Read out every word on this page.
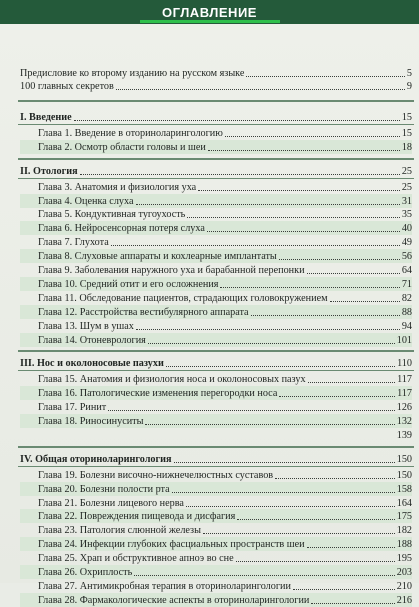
ОГЛАВЛЕНИЕ
Предисловие ко второму изданию на русском языке	5
100 главных секретов	9
I. Введение	15
Глава 1. Введение в оториноларингологию	15
Глава 2. Осмотр области головы и шеи	18
II. Отология	25
Глава 3. Анатомия и физиология уха	25
Глава 4. Оценка слуха	31
Глава 5. Кондуктивная тугоухость	35
Глава 6. Нейросенсорная потеря слуха	40
Глава 7. Глухота	49
Глава 8. Слуховые аппараты и кохлеарные имплантаты	56
Глава 9. Заболевания наружного уха и барабанной перепонки	64
Глава 10. Средний отит и его осложнения	71
Глава 11. Обследование пациентов, страдающих головокружением	82
Глава 12. Расстройства вестибулярного аппарата	88
Глава 13. Шум в ушах	94
Глава 14. Отоневрология	101
III. Нос и околоносовые пазухи	110
Глава 15. Анатомия и физиология носа и околоносовых пазух	117
Глава 16. Патологические изменения перегородки носа	117
Глава 17. Ринит	126
Глава 18. Риносинуситы	132
139
IV. Общая оториноларингология	150
Глава 19. Болезни височно-нижнечелюстных суставов	150
Глава 20. Болезни полости рта	158
Глава 21. Болезни лицевого нерва	164
Глава 22. Повреждения пищевода и дисфагия	175
Глава 23. Патология слюнной железы	182
Глава 24. Инфекции глубоких фасциальных пространств шеи	188
Глава 25. Храп и обструктивное апноэ во сне	195
Глава 26. Охриплость	203
Глава 27. Антимикробная терапия в оториноларингологии	210
Глава 28. Фармакологические аспекты в оториноларингологии	216
